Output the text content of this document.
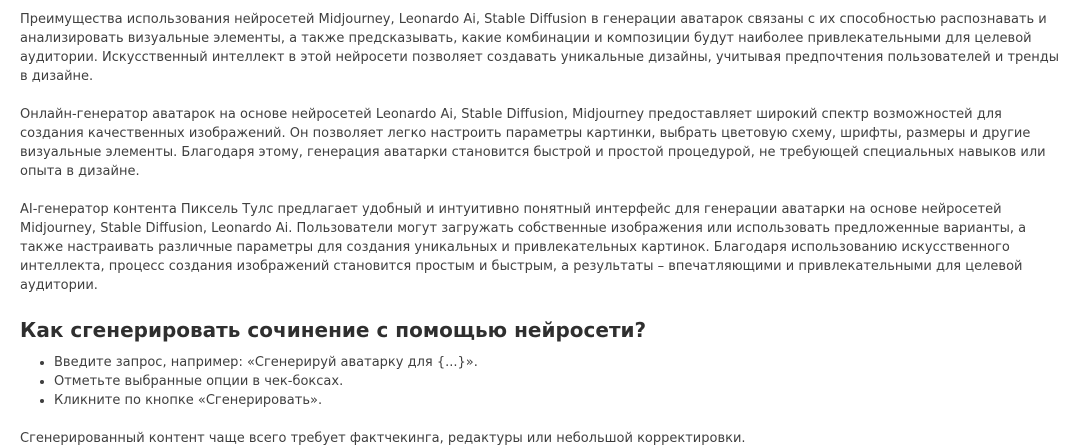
Преимущества использования нейросетей Midjourney, Leonardo Ai, Stable Diffusion в генерации аватарок связаны с их способностью распознавать и анализировать визуальные элементы, а также предсказывать, какие комбинации и композиции будут наиболее привлекательными для целевой аудитории. Искусственный интеллект в этой нейросети позволяет создавать уникальные дизайны, учитывая предпочтения пользователей и тренды в дизайне.

Онлайн-генератор аватарок на основе нейросетей Leonardo Ai, Stable Diffusion, Midjourney предоставляет широкий спектр возможностей для создания качественных изображений. Он позволяет легко настроить параметры картинки, выбрать цветовую схему, шрифты, размеры и другие визуальные элементы. Благодаря этому, генерация аватарки становится быстрой и простой процедурой, не требующей специальных навыков или опыта в дизайне.

AI-генератор контента Пиксель Тулс предлагает удобный и интуитивно понятный интерфейс для генерации аватарки на основе нейросетей Midjourney, Stable Diffusion, Leonardo Ai. Пользователи могут загружать собственные изображения или использовать предложенные варианты, а также настраивать различные параметры для создания уникальных и привлекательных картинок. Благодаря использованию искусственного интеллекта, процесс создания изображений становится простым и быстрым, а результаты – впечатляющими и привлекательными для целевой аудитории.

Как сгенерировать сочинение с помощью нейросети?
• Введите запрос, например: «Сгенерируй аватарку для {...}».
• Отметьте выбранные опции в чек-боксах.
• Кликните по кнопке «Сгенерировать».

Сгенерированный контент чаще всего требует фактчекинга, редактуры или небольшой корректировки.
